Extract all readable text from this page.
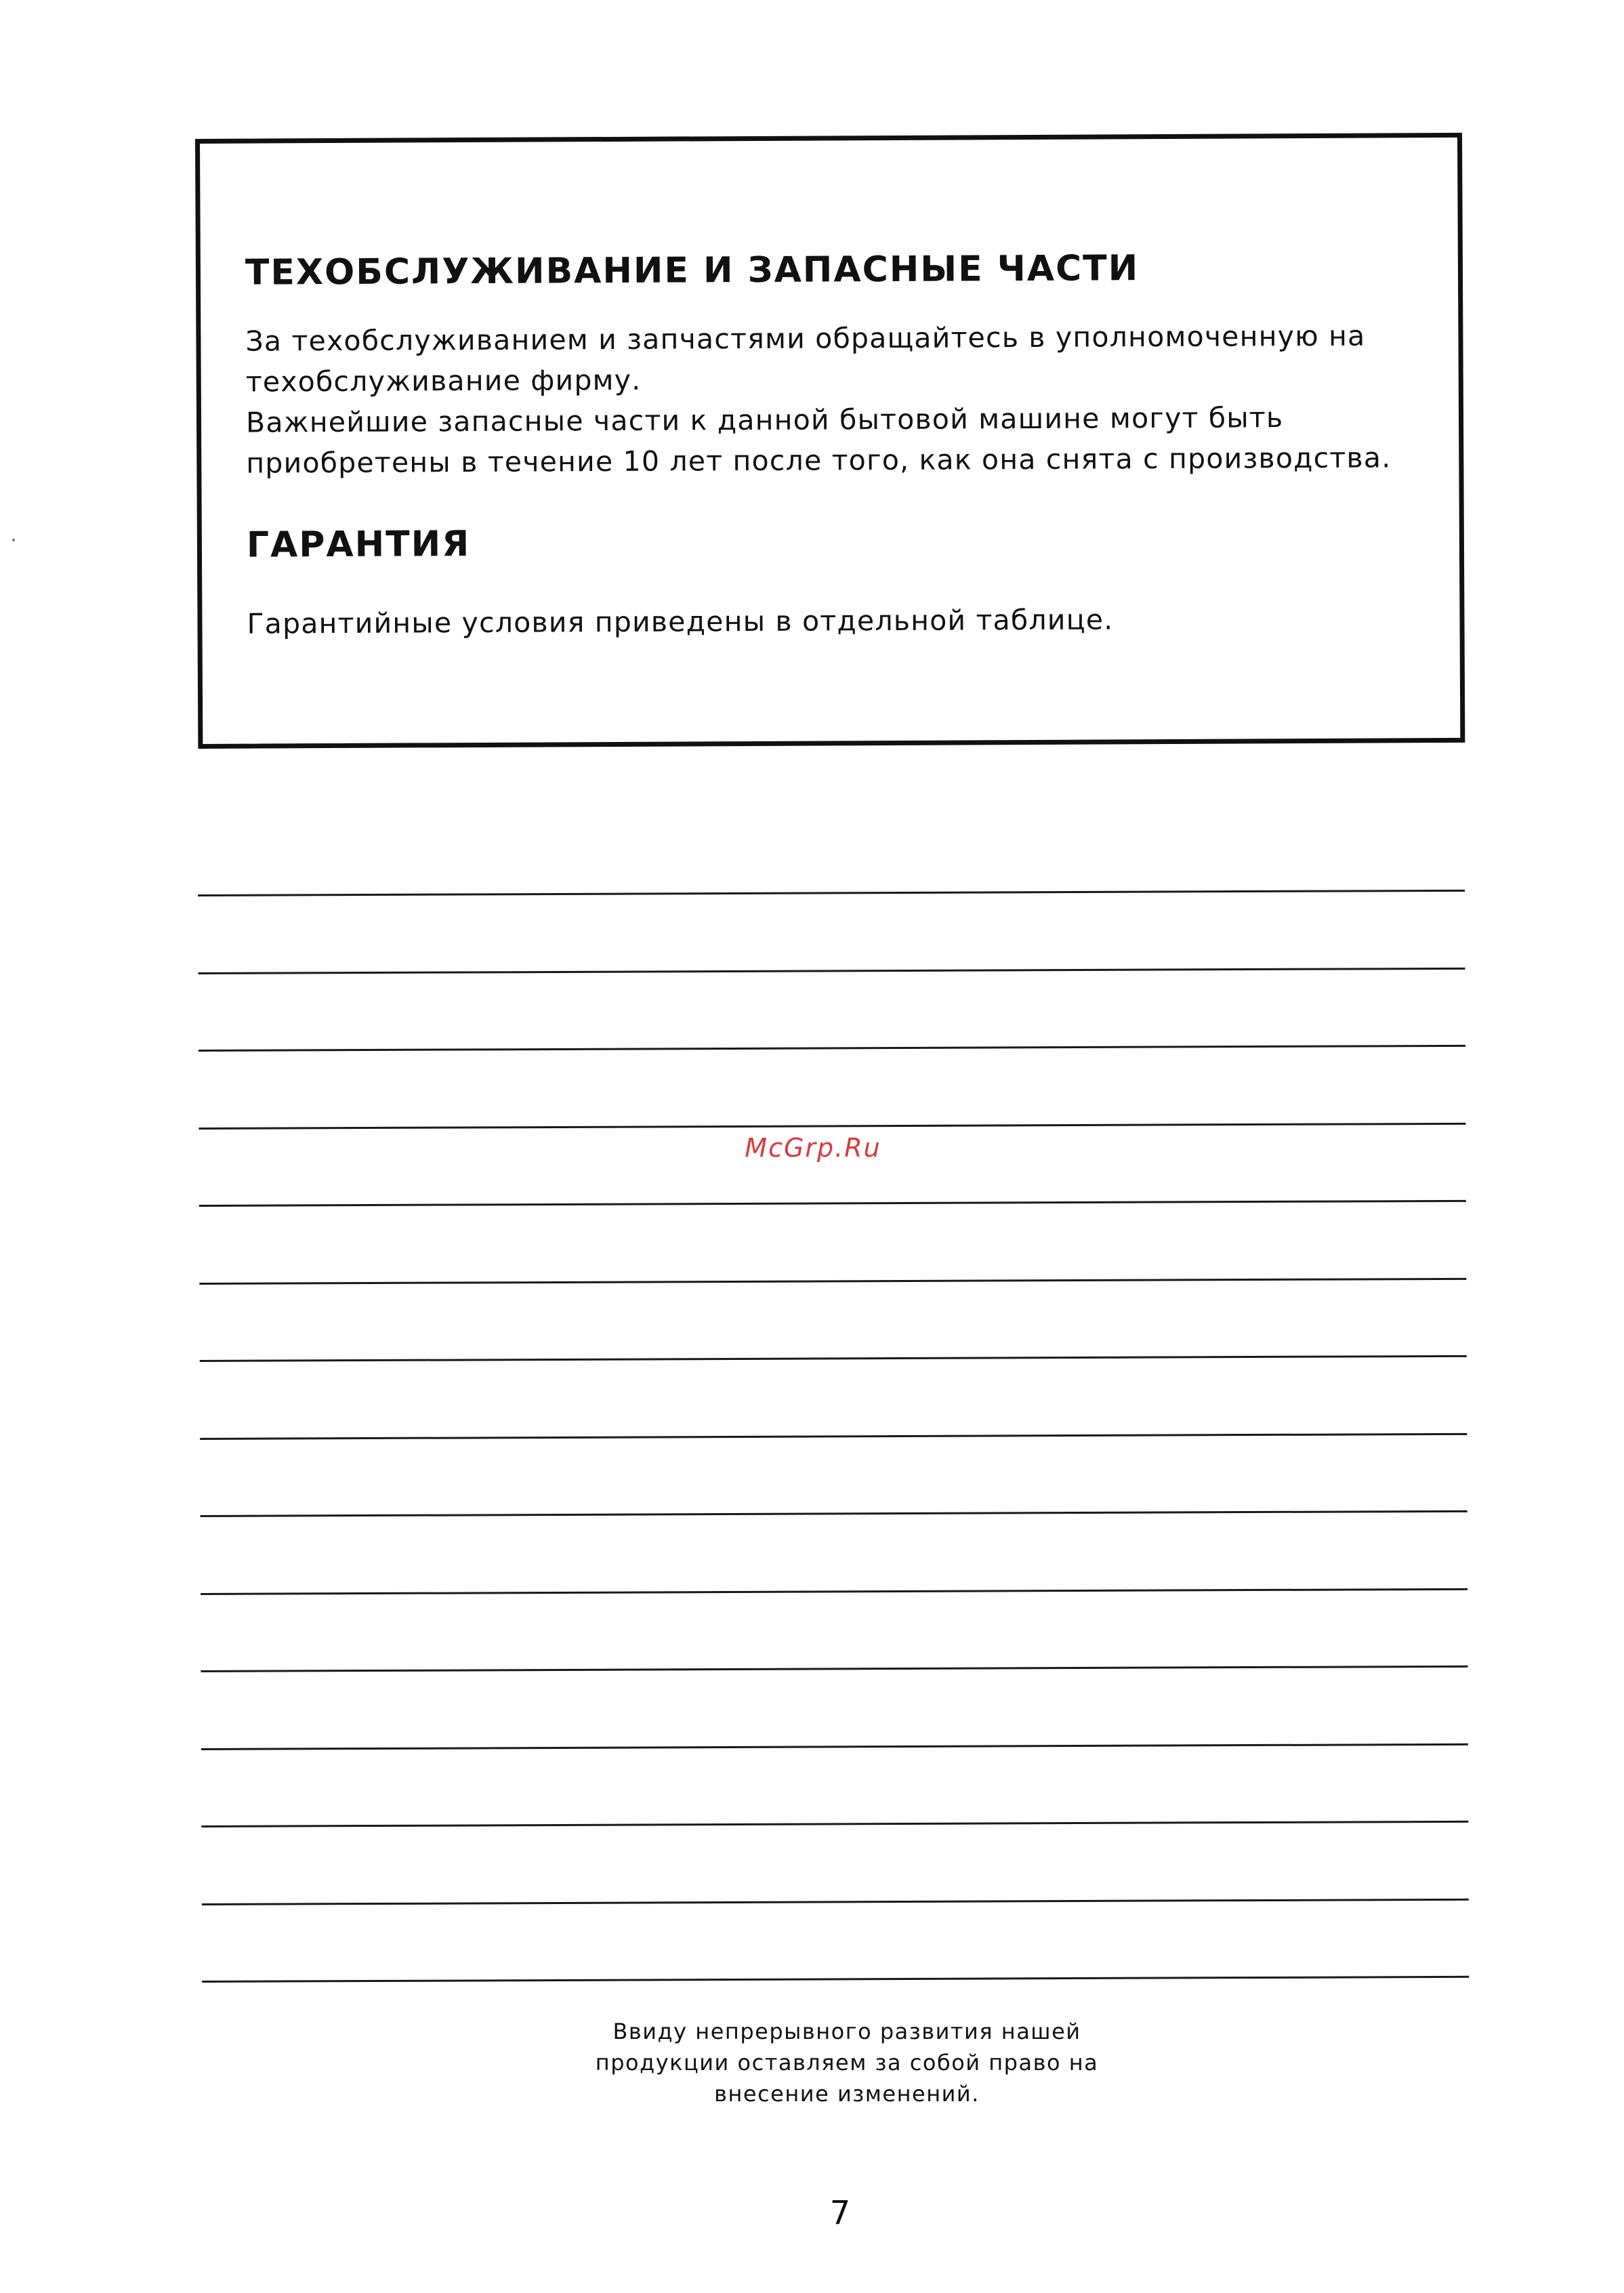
ТЕХОБСЛУЖИВАНИЕ И ЗАПАСНЫЕ ЧАСТИ

За техобслуживанием и запчастями обращайтесь в уполномоченную на техобслуживание фирму.

Важнейшие запасные части к данной бытовой машине могут быть приобретены в течение 10 лет после того, как она снята с производства.

ГАРАНТИЯ

Гарантийные условия приведены в отдельной таблице.

McGrp.Ru
Ввиду непрерывного развития нашей
продукции оставляем за собой право на
внесение изменений.
7
